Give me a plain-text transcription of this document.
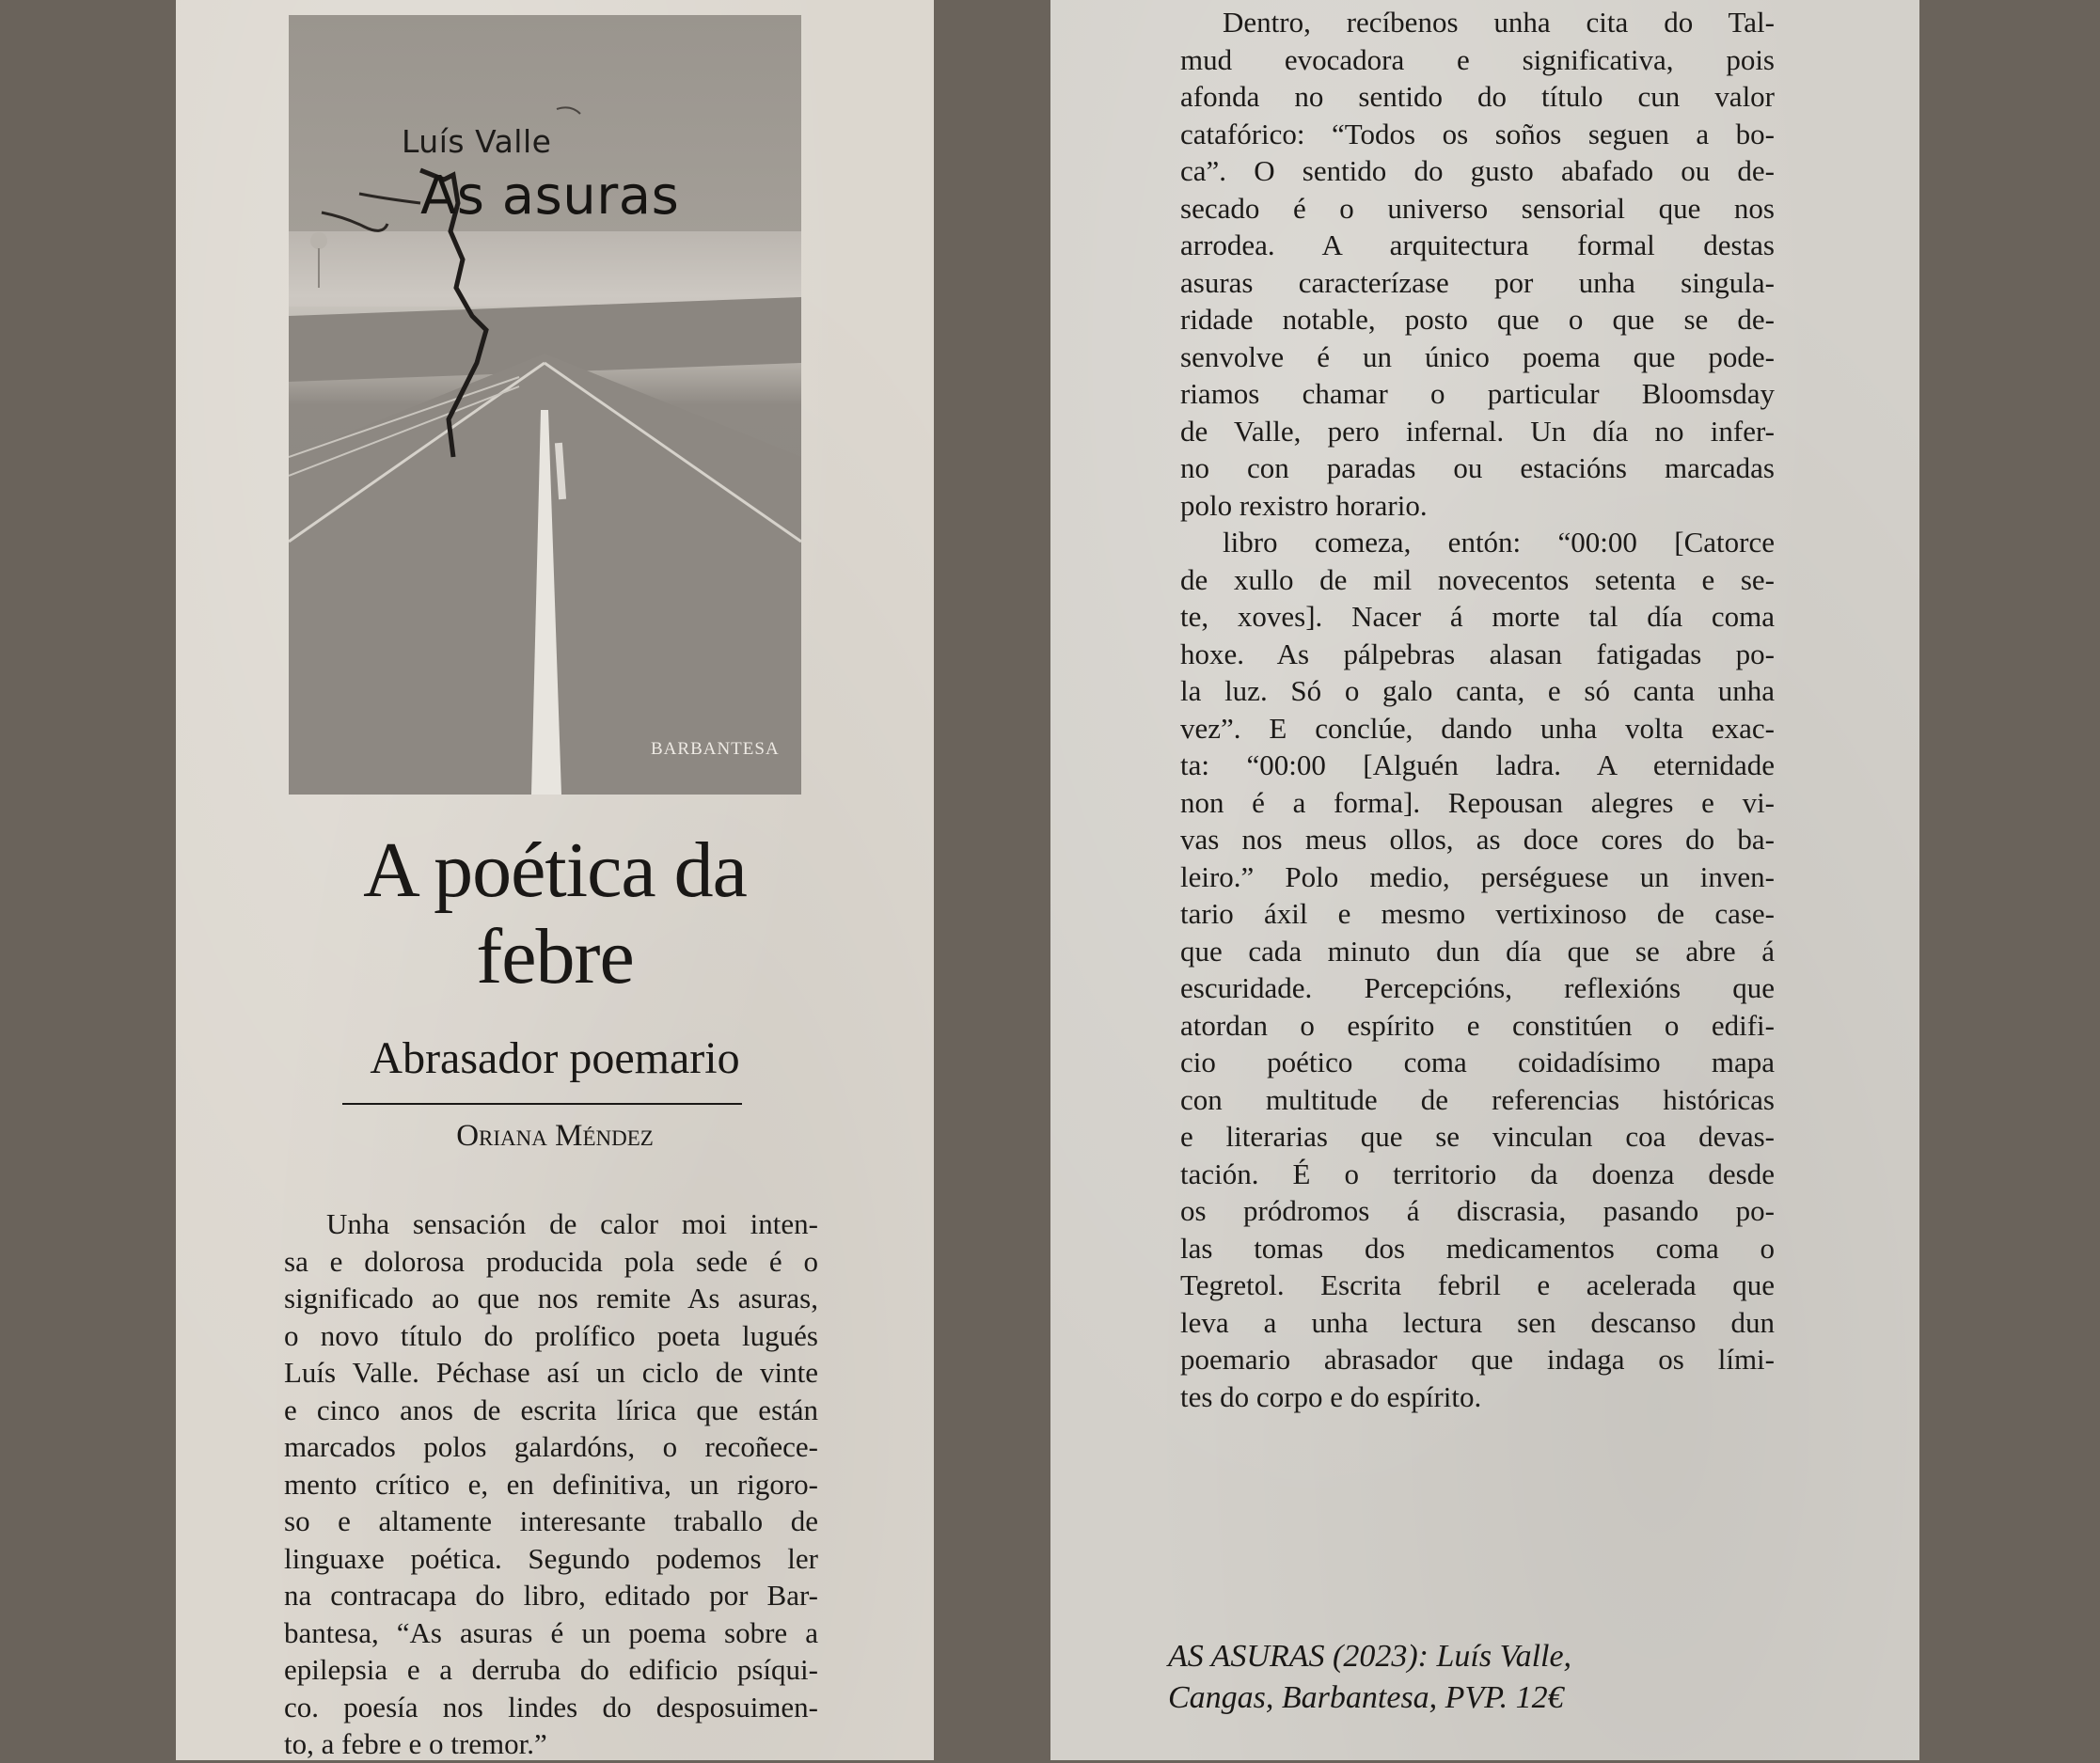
Luís Valle
As asuras
BARBANTESA
A poética da
febre
Abrasador poemario
Oriana Méndez
Unha sensación de calor moi inten-
sa e dolorosa producida pola sede é o
significado ao que nos remite As asuras,
o novo título do prolífico poeta lugués
Luís Valle. Péchase así un ciclo de vinte
e cinco anos de escrita lírica que están
marcados polos galardóns, o recoñece-
mento crítico e, en definitiva, un rigoro-
so e altamente interesante traballo de
linguaxe poética. Segundo podemos ler
na contracapa do libro, editado por Bar-
bantesa, “As asuras é un poema sobre a
epilepsia e a derruba do edificio psíqui-
co. poesía nos lindes do desposuimen-
to, a febre e o tremor.”
Dentro, recíbenos unha cita do Tal-
mud evocadora e significativa, pois
afonda no sentido do título cun valor
catafórico: “Todos os soños seguen a bo-
ca”. O sentido do gusto abafado ou de-
secado é o universo sensorial que nos
arrodea. A arquitectura formal destas
asuras caracterízase por unha singula-
ridade notable, posto que o que se de-
senvolve é un único poema que pode-
riamos chamar o particular Bloomsday
de Valle, pero infernal. Un día no infer-
no con paradas ou estacións marcadas
polo rexistro horario.
libro comeza, entón: “00:00 [Catorce
de xullo de mil novecentos setenta e se-
te, xoves]. Nacer á morte tal día coma
hoxe. As pálpebras alasan fatigadas po-
la luz. Só o galo canta, e só canta unha
vez”. E conclúe, dando unha volta exac-
ta: “00:00 [Alguén ladra. A eternidade
non é a forma]. Repousan alegres e vi-
vas nos meus ollos, as doce cores do ba-
leiro.” Polo medio, perséguese un inven-
tario áxil e mesmo vertixinoso de case-
que cada minuto dun día que se abre á
escuridade. Percepcións, reflexións que
atordan o espírito e constitúen o edifi-
cio poético coma coidadísimo mapa
con multitude de referencias históricas
e literarias que se vinculan coa devas-
tación. É o territorio da doenza desde
os pródromos á discrasia, pasando po-
las tomas dos medicamentos coma o
Tegretol. Escrita febril e acelerada que
leva a unha lectura sen descanso dun
poemario abrasador que indaga os lími-
tes do corpo e do espírito.
AS ASURAS (2023): Luís Valle,
Cangas, Barbantesa, PVP. 12€
